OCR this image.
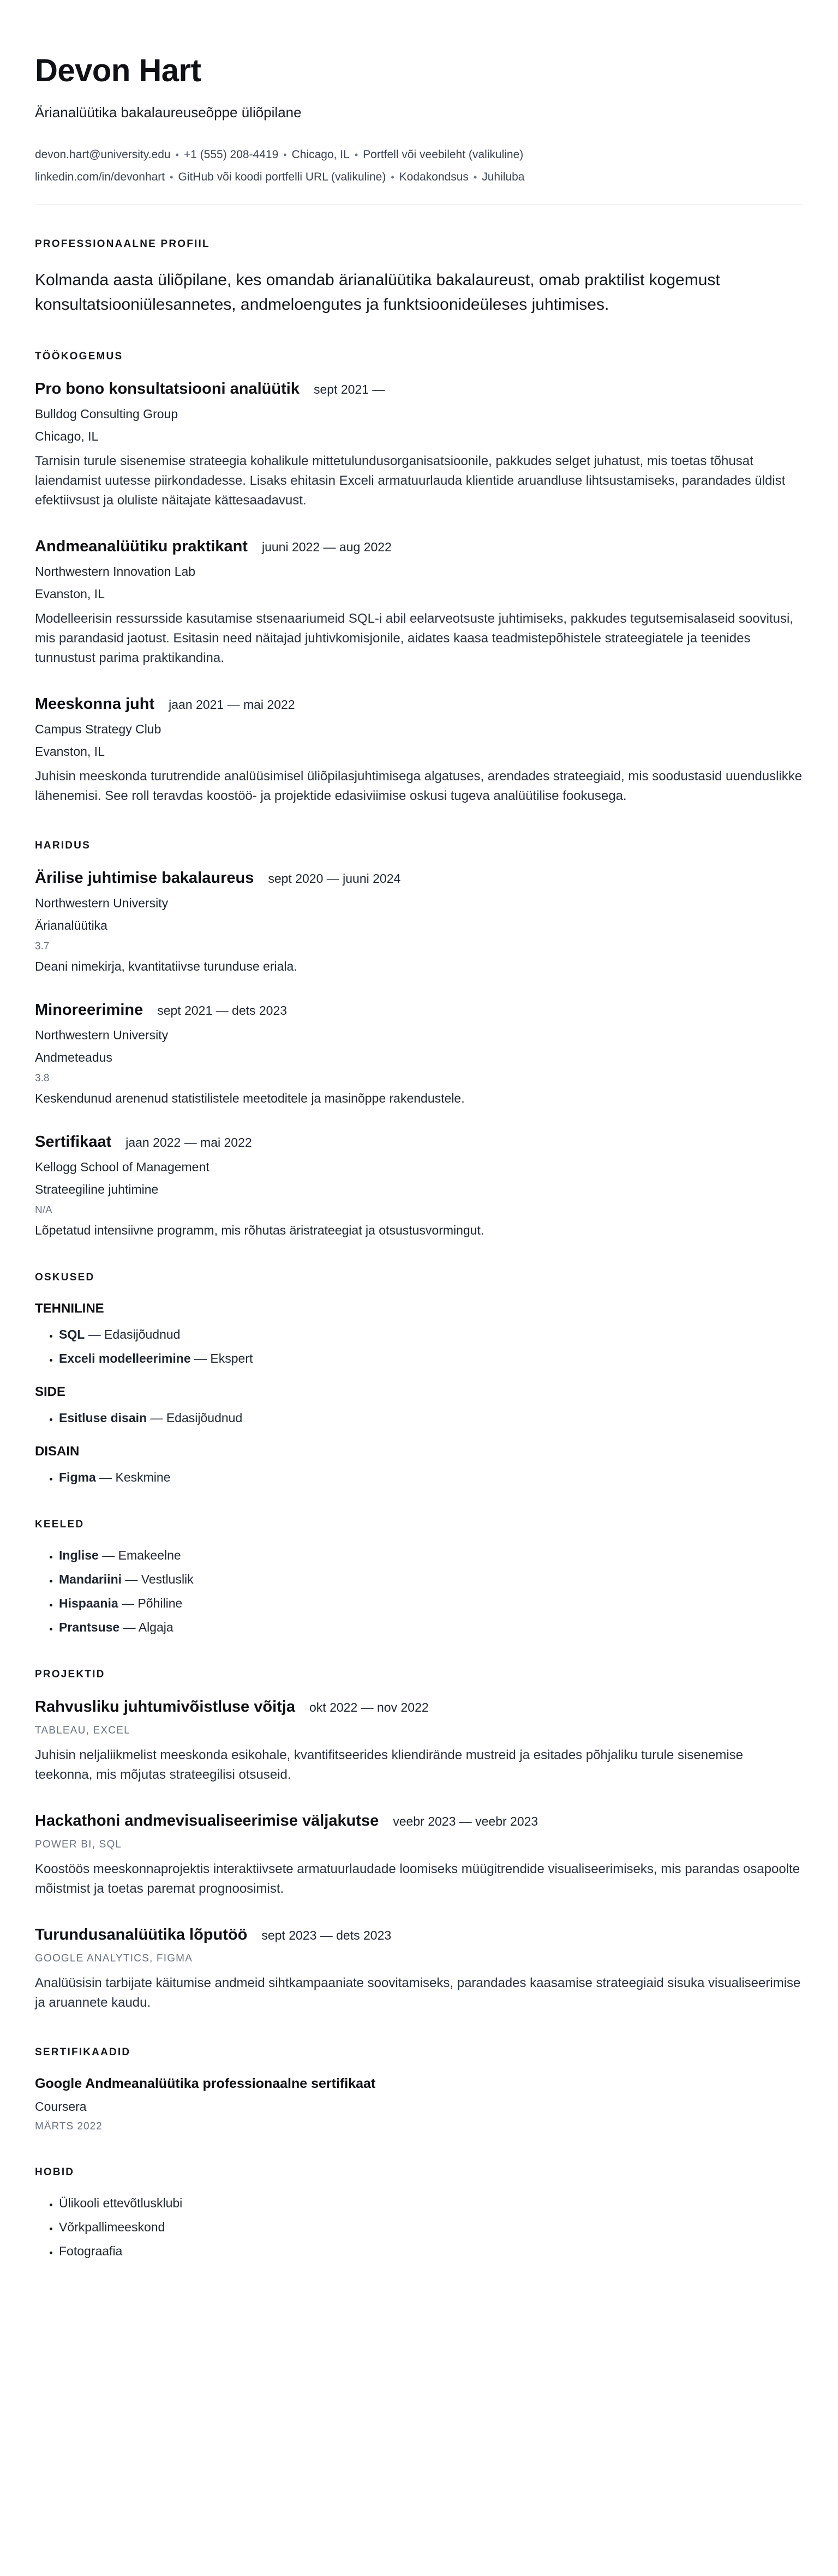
Devon Hart
Ärianalüütika bakalaureuseõppe üliõpilane
devon.hart@university.edu • +1 (555) 208-4419 • Chicago, IL • Portfell või veebileht (valikuline)
linkedin.com/in/devonhart • GitHub või koodi portfelli URL (valikuline) • Kodakondsus • Juhiluba
PROFESSIONAALNE PROFIIL

Kolmanda aasta üliõpilane, kes omandab ärianalüütika bakalaureust, omab praktilist kogemust konsultatsiooniülesannetes, andmeloengutes ja funktsioonideüleses juhtimises.

TÖÖKOGEMUS
Pro bono konsultatsiooni analüütik sept 2021 —
Bulldog Consulting Group
Chicago, IL

Tarnisin turule sisenemise strateegia kohalikule mittetulundusorganisatsioonile, pakkudes selget juhatust, mis toetas tõhusat laiendamist uutesse piirkondadesse. Lisaks ehitasin Exceli armatuurlauda klientide aruandluse lihtsustamiseks, parandades üldist efektiivsust ja oluliste näitajate kättesaadavust.

Andmeanalüütiku praktikant juuni 2022 — aug 2022
Northwestern Innovation Lab
Evanston, IL

Modelleerisin ressursside kasutamise stsenaariumeid SQL-i abil eelarveotsuste juhtimiseks, pakkudes tegutsemisalaseid soovitusi, mis parandasid jaotust. Esitasin need näitajad juhtivkomisjonile, aidates kaasa teadmistepõhistele strateegiatele ja teenides tunnustust parima praktikandina.

Meeskonna juht jaan 2021 — mai 2022
Campus Strategy Club
Evanston, IL

Juhisin meeskonda turutrendide analüüsimisel üliõpilasjuhtimisega algatuses, arendades strateegiaid, mis soodustasid uuenduslikke lähenemisi. See roll teravdas koostöö- ja projektide edasiviimise oskusi tugeva analüütilise fookusega.

HARIDUS
Ärilise juhtimise bakalaureus sept 2020 — juuni 2024
Northwestern University
Ärianalüütika
3.7
Deani nimekirja, kvantitatiivse turunduse eriala.
Minoreerimine sept 2021 — dets 2023
Northwestern University
Andmeteadus
3.8
Keskendunud arenenud statistilistele meetoditele ja masinõppe rakendustele.
Sertifikaat jaan 2022 — mai 2022
Kellogg School of Management
Strateegiline juhtimine
N/A
Lõpetatud intensiivne programm, mis rõhutas äristrateegiat ja otsustusvormingut.
OSKUSED
TEHNILINE
• SQL — Edasijõudnud
• Exceli modelleerimine — Ekspert
SIDE
• Esitluse disain — Edasijõudnud
DISAIN
• Figma — Keskmine
KEELED
• Inglise — Emakeelne
• Mandariini — Vestluslik
• Hispaania — Põhiline
• Prantsuse — Algaja
PROJEKTID
Rahvusliku juhtumivõistluse võitja okt 2022 — nov 2022
TABLEAU, EXCEL

Juhisin neljaliikmelist meeskonda esikohale, kvantifitseerides kliendirände mustreid ja esitades põhjaliku turule sisenemise teekonna, mis mõjutas strateegilisi otsuseid.

Hackathoni andmevisualiseerimise väljakutse veebr 2023 — veebr 2023
POWER BI, SQL

Koostöös meeskonnaprojektis interaktiivsete armatuurlaudade loomiseks müügitrendide visualiseerimiseks, mis parandas osapoolte mõistmist ja toetas paremat prognoosimist.

Turundusanalüütika lõputöö sept 2023 — dets 2023
GOOGLE ANALYTICS, FIGMA

Analüüsisin tarbijate käitumise andmeid sihtkampaaniate soovitamiseks, parandades kaasamise strateegiaid sisuka visualiseerimise ja aruannete kaudu.

SERTIFIKAADID
Google Andmeanalüütika professionaalne sertifikaat
Coursera
MÄRTS 2022
HOBID
• Ülikooli ettevõtlusklubi
• Võrkpallimeeskond
• Fotograafia
